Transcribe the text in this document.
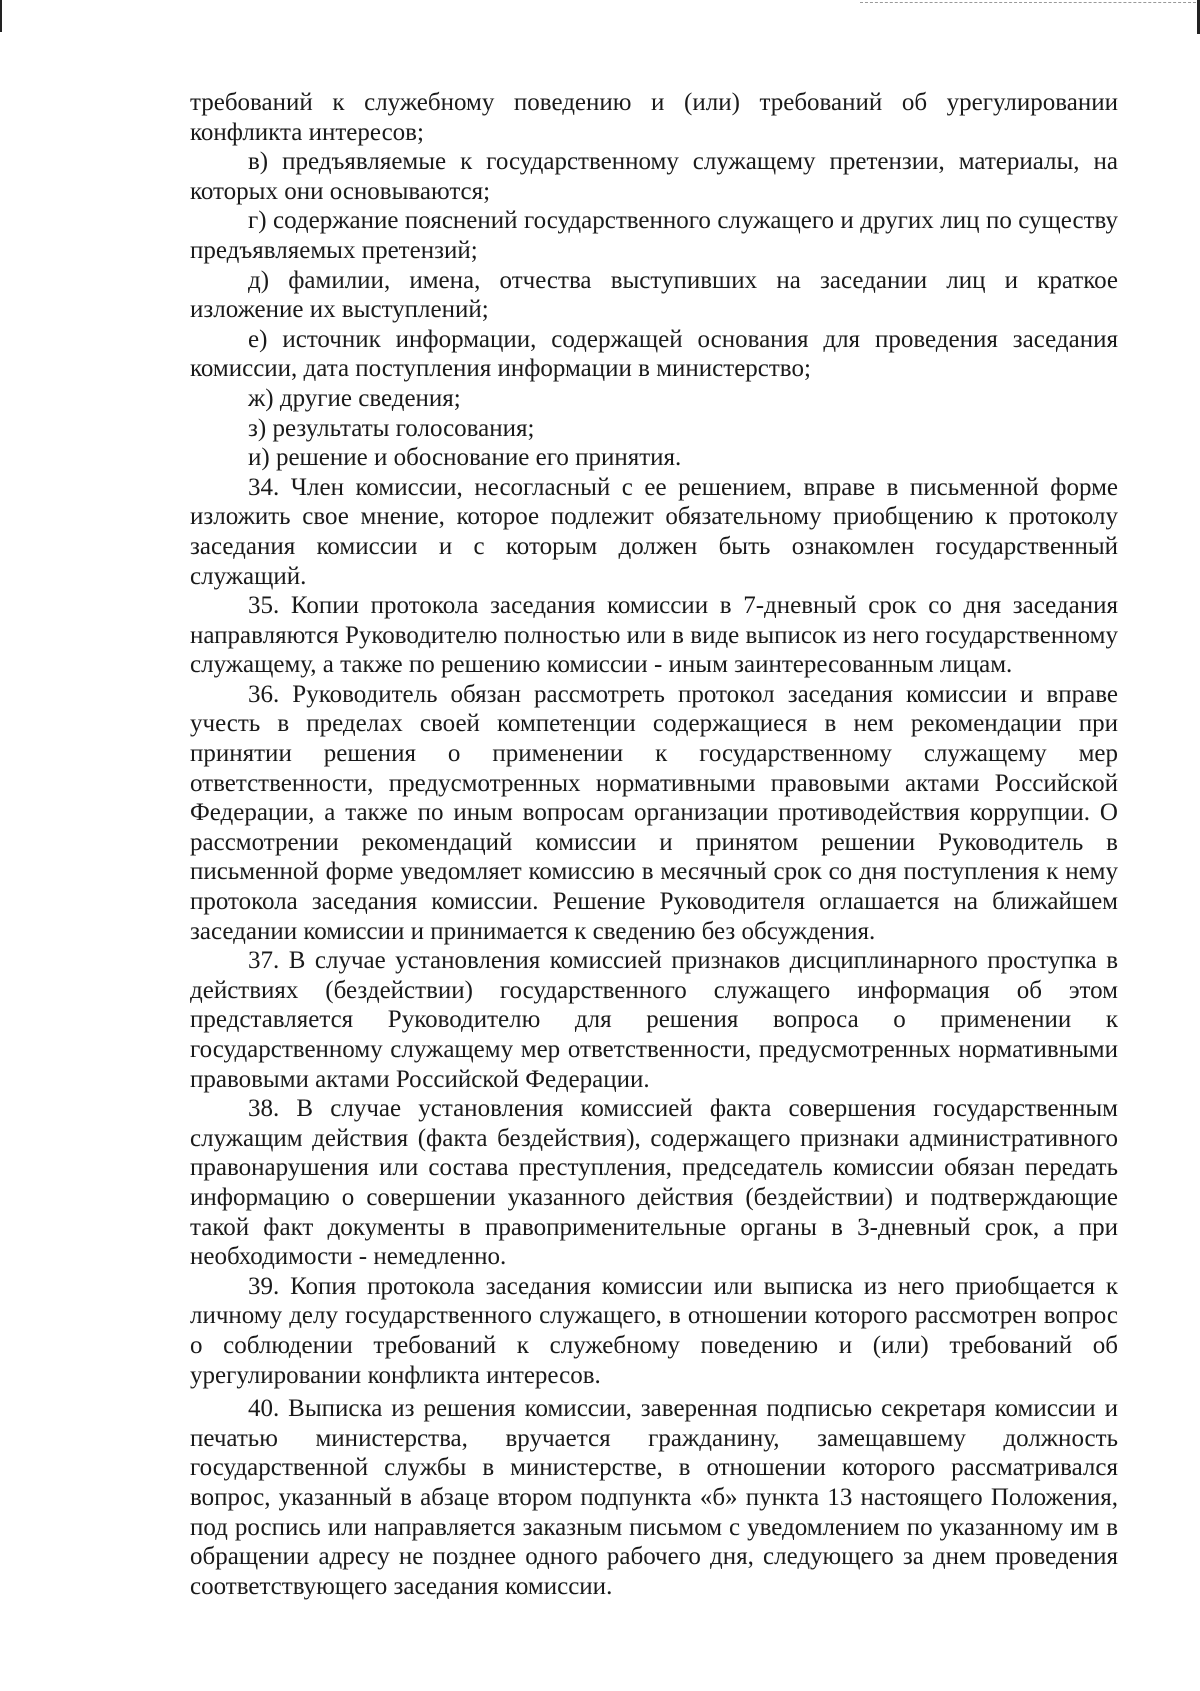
требований к служебному поведению и (или) требований об урегулировании конфликта интересов;

в) предъявляемые к государственному служащему претензии, материалы, на которых они основываются;

г) содержание пояснений государственного служащего и других лиц по существу предъявляемых претензий;

д) фамилии, имена, отчества выступивших на заседании лиц и краткое изложение их выступлений;

е) источник информации, содержащей основания для проведения заседания комиссии, дата поступления информации в министерство;

ж) другие сведения;

з) результаты голосования;

и) решение и обоснование его принятия.

34. Член комиссии, несогласный с ее решением, вправе в письменной форме изложить свое мнение, которое подлежит обязательному приобщению к протоколу заседания комиссии и с которым должен быть ознакомлен государственный служащий.

35. Копии протокола заседания комиссии в 7-дневный срок со дня заседания направляются Руководителю полностью или в виде выписок из него государственному служащему, а также по решению комиссии - иным заинтересованным лицам.

36. Руководитель обязан рассмотреть протокол заседания комиссии и вправе учесть в пределах своей компетенции содержащиеся в нем рекомендации при принятии решения о применении к государственному служащему мер ответственности, предусмотренных нормативными правовыми актами Российской Федерации, а также по иным вопросам организации противодействия коррупции. О рассмотрении рекомендаций комиссии и принятом решении Руководитель в письменной форме уведомляет комиссию в месячный срок со дня поступления к нему протокола заседания комиссии. Решение Руководителя оглашается на ближайшем заседании комиссии и принимается к сведению без обсуждения.

37. В случае установления комиссией признаков дисциплинарного проступка в действиях (бездействии) государственного служащего информация об этом представляется Руководителю для решения вопроса о применении к государственному служащему мер ответственности, предусмотренных нормативными правовыми актами Российской Федерации.

38. В случае установления комиссией факта совершения государственным служащим действия (факта бездействия), содержащего признаки административного правонарушения или состава преступления, председатель комиссии обязан передать информацию о совершении указанного действия (бездействии) и подтверждающие такой факт документы в правоприменительные органы в 3-дневный срок, а при необходимости - немедленно.

39. Копия протокола заседания комиссии или выписка из него приобщается к личному делу государственного служащего, в отношении которого рассмотрен вопрос о соблюдении требований к служебному поведению и (или) требований об урегулировании конфликта интересов.

40. Выписка из решения комиссии, заверенная подписью секретаря комиссии и печатью министерства, вручается гражданину, замещавшему должность государственной службы в министерстве, в отношении которого рассматривался вопрос, указанный в абзаце втором подпункта «б» пункта 13 настоящего Положения, под роспись или направляется заказным письмом с уведомлением по указанному им в обращении адресу не позднее одного рабочего дня, следующего за днем проведения соответствующего заседания комиссии.
